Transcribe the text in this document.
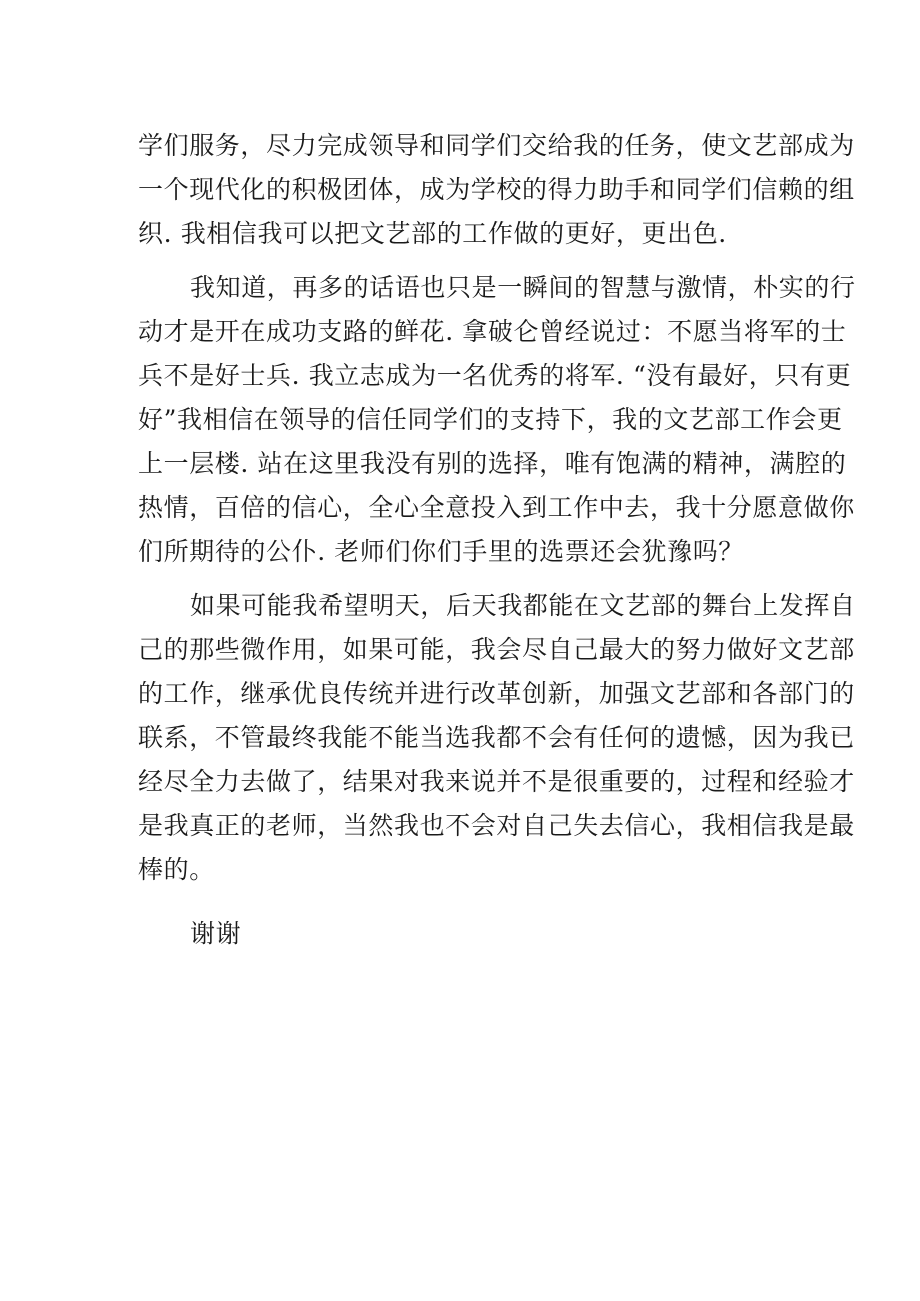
学们服务，尽力完成领导和同学们交给我的任务，使文艺部成为
一个现代化的积极团体，成为学校的得力助手和同学们信赖的组
织. 我相信我可以把文艺部的工作做的更好，更出色.
我知道，再多的话语也只是一瞬间的智慧与激情，朴实的行
动才是开在成功支路的鲜花. 拿破仑曾经说过：不愿当将军的士
兵不是好士兵. 我立志成为一名优秀的将军. “没有最好，只有更
好”我相信在领导的信任同学们的支持下，我的文艺部工作会更
上一层楼. 站在这里我没有别的选择，唯有饱满的精神，满腔的
热情，百倍的信心，全心全意投入到工作中去，我十分愿意做你
们所期待的公仆. 老师们你们手里的选票还会犹豫吗？
如果可能我希望明天，后天我都能在文艺部的舞台上发挥自
己的那些微作用，如果可能，我会尽自己最大的努力做好文艺部
的工作，继承优良传统并进行改革创新，加强文艺部和各部门的
联系，不管最终我能不能当选我都不会有任何的遗憾，因为我已
经尽全力去做了，结果对我来说并不是很重要的，过程和经验才
是我真正的老师，当然我也不会对自己失去信心，我相信我是最
棒的。
谢谢
